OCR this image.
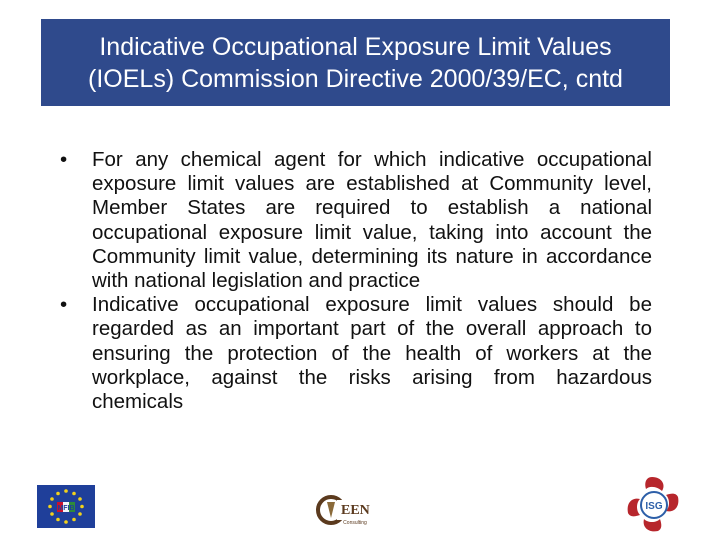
Indicative Occupational Exposure Limit Values
(IOELs) Commission Directive 2000/39/EC, cntd
• For any chemical agent for which indicative occupational exposure limit values are established at Community level, Member States are required to establish a national occupational exposure limit value, taking into account the Community limit value, determining its nature in accordance with national legislation and practice
• Indicative occupational exposure limit values should be regarded as an important part of the overall approach to ensuring the protection of the health of workers at the workplace, against the risks arising from hazardous chemicals
MFIB	EEN
Consulting
ISG
